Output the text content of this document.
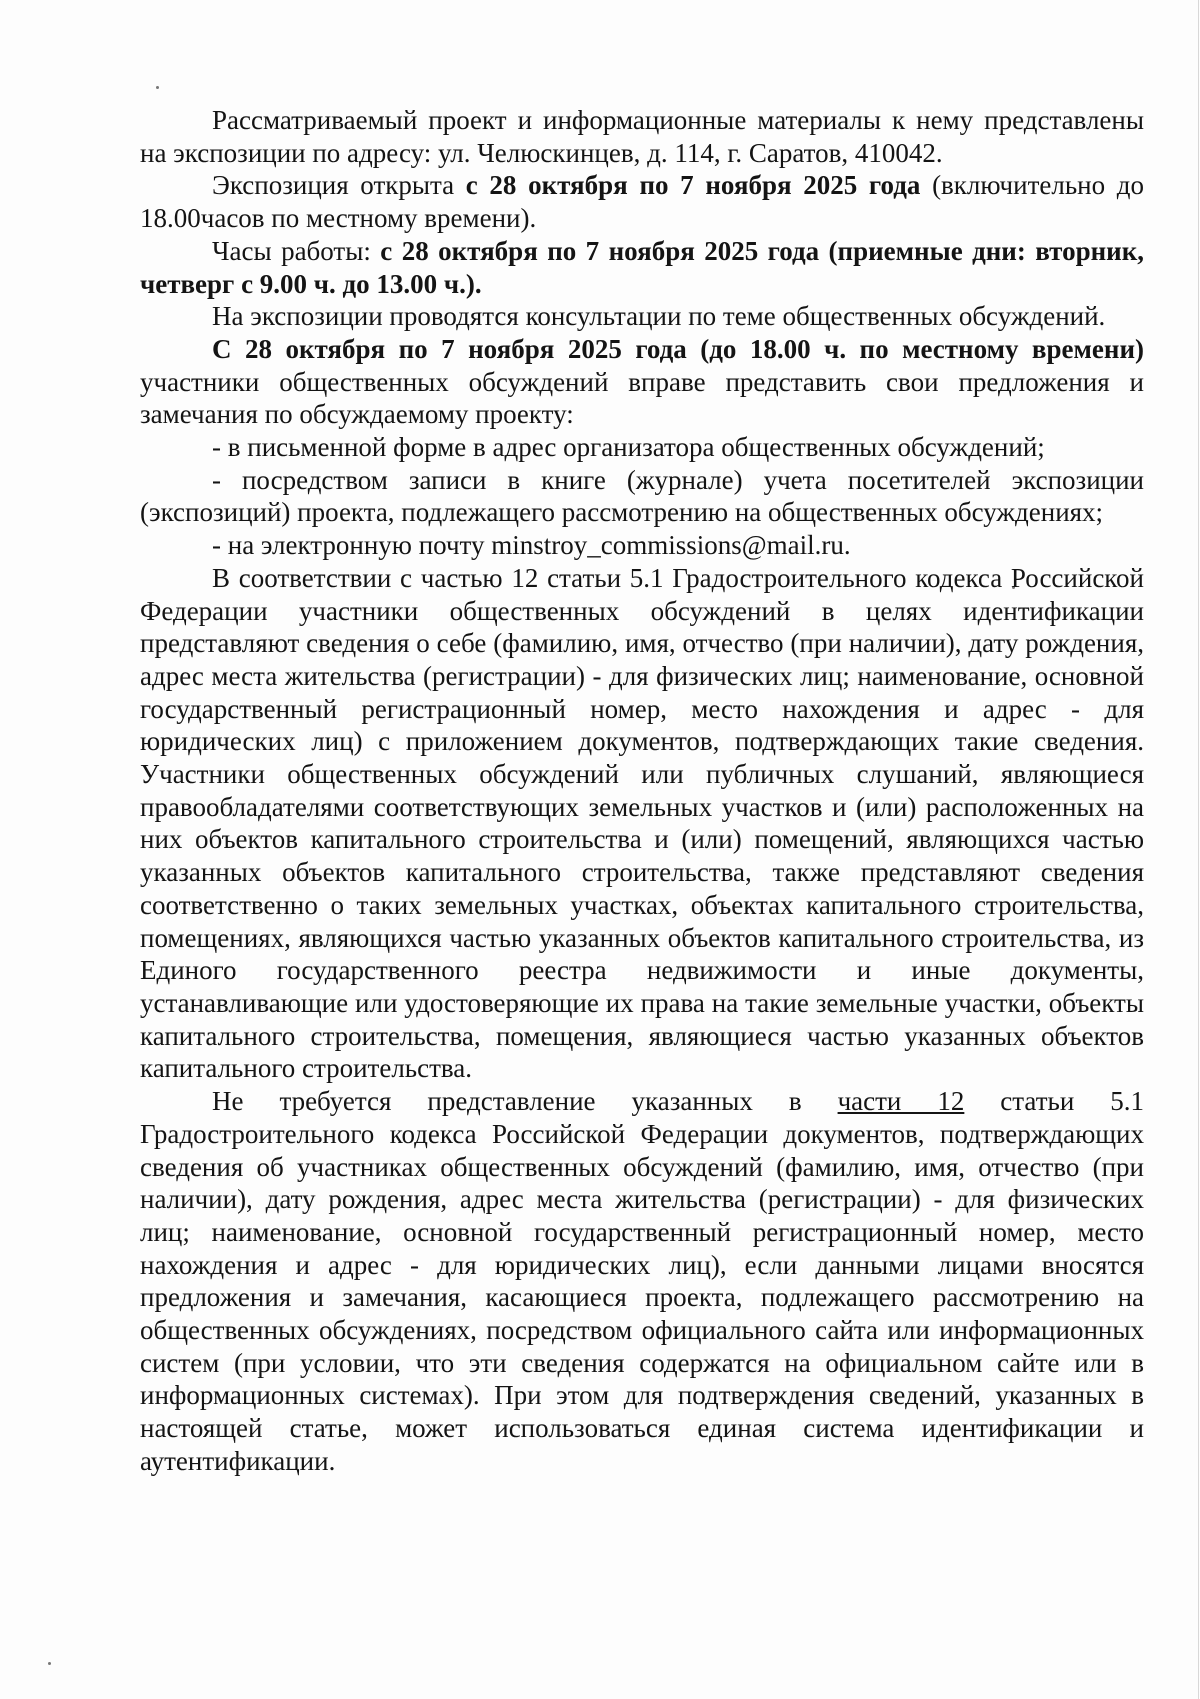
Рассматриваемый проект и информационные материалы к нему представлены на экспозиции по адресу: ул. Челюскинцев, д. 114, г. Саратов, 410042.

Экспозиция открыта с 28 октября по 7 ноября 2025 года (включительно до 18.00часов по местному времени).

Часы работы: с 28 октября по 7 ноября 2025 года (приемные дни: вторник, четверг с 9.00 ч. до 13.00 ч.).

На экспозиции проводятся консультации по теме общественных обсуждений.

С 28 октября по 7 ноября 2025 года (до 18.00 ч. по местному времени) участники общественных обсуждений вправе представить свои предложения и замечания по обсуждаемому проекту:

- в письменной форме в адрес организатора общественных обсуждений;

- посредством записи в книге (журнале) учета посетителей экспозиции (экспозиций) проекта, подлежащего рассмотрению на общественных обсуждениях;

- на электронную почту minstroy_commissions@mail.ru.

В соответствии с частью 12 статьи 5.1 Градостроительного кодекса Российской Федерации участники общественных обсуждений в целях идентификации представляют сведения о себе (фамилию, имя, отчество (при наличии), дату рождения, адрес места жительства (регистрации) - для физических лиц; наименование, основной государственный регистрационный номер, место нахождения и адрес - для юридических лиц) с приложением документов, подтверждающих такие сведения. Участники общественных обсуждений или публичных слушаний, являющиеся правообладателями соответствующих земельных участков и (или) расположенных на них объектов капитального строительства и (или) помещений, являющихся частью указанных объектов капитального строительства, также представляют сведения соответственно о таких земельных участках, объектах капитального строительства, помещениях, являющихся частью указанных объектов капитального строительства, из Единого государственного реестра недвижимости и иные документы, устанавливающие или удостоверяющие их права на такие земельные участки, объекты капитального строительства, помещения, являющиеся частью указанных объектов капитального строительства.

Не требуется представление указанных в части 12 статьи 5.1 Градостроительного кодекса Российской Федерации документов, подтверждающих сведения об участниках общественных обсуждений (фамилию, имя, отчество (при наличии), дату рождения, адрес места жительства (регистрации) - для физических лиц; наименование, основной государственный регистрационный номер, место нахождения и адрес - для юридических лиц), если данными лицами вносятся предложения и замечания, касающиеся проекта, подлежащего рассмотрению на общественных обсуждениях, посредством официального сайта или информационных систем (при условии, что эти сведения содержатся на официальном сайте или в информационных системах). При этом для подтверждения сведений, указанных в настоящей статье, может использоваться единая система идентификации и аутентификации.
